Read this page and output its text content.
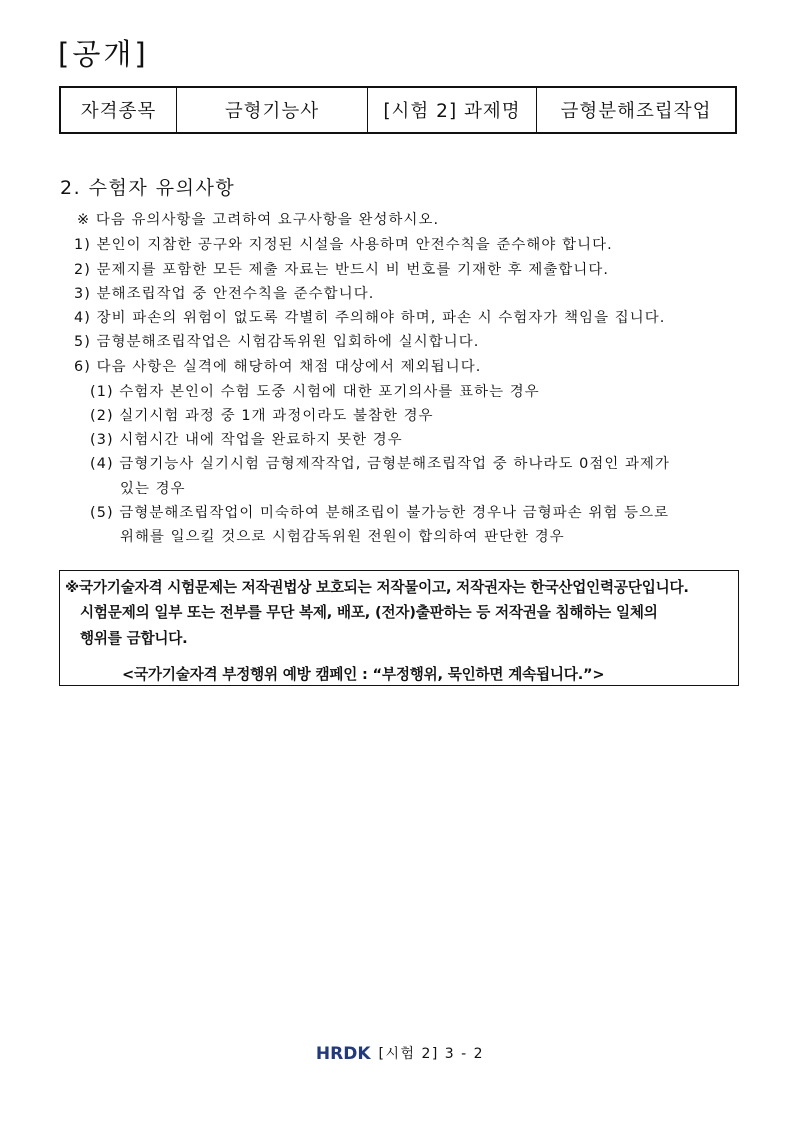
[공개]
자격종목	금형기능사	[시험 2] 과제명	금형분해조립작업
2. 수험자 유의사항
※ 다음 유의사항을 고려하여 요구사항을 완성하시오.
1) 본인이 지참한 공구와 지정된 시설을 사용하며 안전수칙을 준수해야 합니다.
2) 문제지를 포함한 모든 제출 자료는 반드시 비 번호를 기재한 후 제출합니다.
3) 분해조립작업 중 안전수칙을 준수합니다.
4) 장비 파손의 위험이 없도록 각별히 주의해야 하며, 파손 시 수험자가 책임을 집니다.
5) 금형분해조립작업은 시험감독위원 입회하에 실시합니다.
6) 다음 사항은 실격에 해당하여 채점 대상에서 제외됩니다.
(1) 수험자 본인이 수험 도중 시험에 대한 포기의사를 표하는 경우
(2) 실기시험 과정 중 1개 과정이라도 불참한 경우
(3) 시험시간 내에 작업을 완료하지 못한 경우
(4) 금형기능사 실기시험 금형제작작업, 금형분해조립작업 중 하나라도 0점인 과제가
있는 경우
(5) 금형분해조립작업이 미숙하여 분해조립이 불가능한 경우나 금형파손 위험 등으로
위해를 일으킬 것으로 시험감독위원 전원이 합의하여 판단한 경우
※국가기술자격 시험문제는 저작권법상 보호되는 저작물이고, 저작권자는 한국산업인력공단입니다.
시험문제의 일부 또는 전부를 무단 복제, 배포, (전자)출판하는 등 저작권을 침해하는 일체의
행위를 금합니다.
<국가기술자격 부정행위 예방 캠페인 : “부정행위, 묵인하면 계속됩니다.”>
HRDK [시험 2] 3 - 2
